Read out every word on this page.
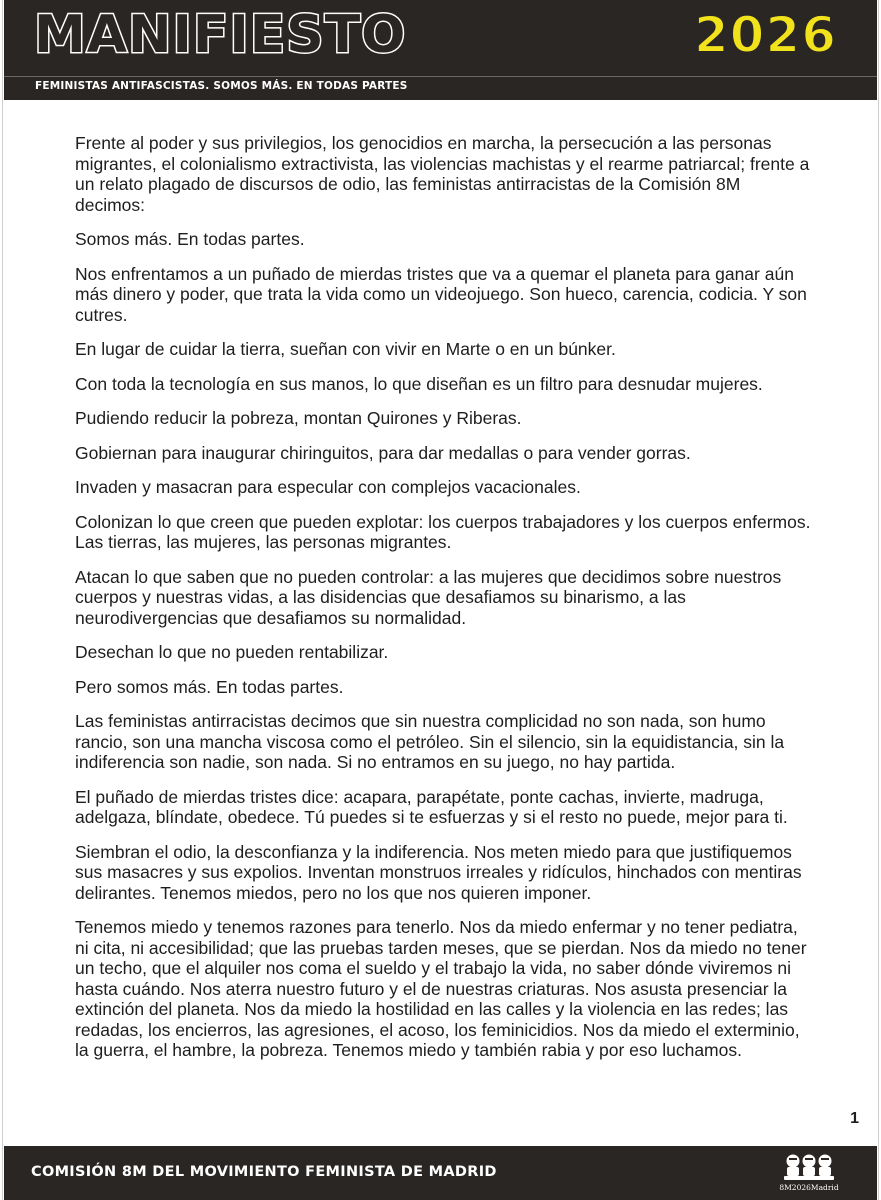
MANIFIESTO	2026
FEMINISTAS ANTIFASCISTAS. SOMOS MÁS. EN TODAS PARTES

Frente al poder y sus privilegios, los genocidios en marcha, la persecución a las personas migrantes, el colonialismo extractivista, las violencias machistas y el rearme patriarcal; frente a un relato plagado de discursos de odio, las feministas antirracistas de la Comisión 8M decimos:

Somos más. En todas partes.

Nos enfrentamos a un puñado de mierdas tristes que va a quemar el planeta para ganar aún más dinero y poder, que trata la vida como un videojuego. Son hueco, carencia, codicia. Y son cutres.

En lugar de cuidar la tierra, sueñan con vivir en Marte o en un búnker.

Con toda la tecnología en sus manos, lo que diseñan es un filtro para desnudar mujeres.

Pudiendo reducir la pobreza, montan Quirones y Riberas.

Gobiernan para inaugurar chiringuitos, para dar medallas o para vender gorras.

Invaden y masacran para especular con complejos vacacionales.

Colonizan lo que creen que pueden explotar: los cuerpos trabajadores y los cuerpos enfermos. Las tierras, las mujeres, las personas migrantes.

Atacan lo que saben que no pueden controlar: a las mujeres que decidimos sobre nuestros cuerpos y nuestras vidas, a las disidencias que desafiamos su binarismo, a las neurodivergencias que desafiamos su normalidad.

Desechan lo que no pueden rentabilizar.

Pero somos más. En todas partes.

Las feministas antirracistas decimos que sin nuestra complicidad no son nada, son humo rancio, son una mancha viscosa como el petróleo. Sin el silencio, sin la equidistancia, sin la indiferencia son nadie, son nada. Si no entramos en su juego, no hay partida.

El puñado de mierdas tristes dice: acapara, parapétate, ponte cachas, invierte, madruga, adelgaza, blíndate, obedece. Tú puedes si te esfuerzas y si el resto no puede, mejor para ti.

Siembran el odio, la desconfianza y la indiferencia. Nos meten miedo para que justifiquemos sus masacres y sus expolios. Inventan monstruos irreales y ridículos, hinchados con mentiras delirantes. Tenemos miedos, pero no los que nos quieren imponer.

Tenemos miedo y tenemos razones para tenerlo. Nos da miedo enfermar y no tener pediatra, ni cita, ni accesibilidad; que las pruebas tarden meses, que se pierdan. Nos da miedo no tener un techo, que el alquiler nos coma el sueldo y el trabajo la vida, no saber dónde viviremos ni hasta cuándo. Nos aterra nuestro futuro y el de nuestras criaturas. Nos asusta presenciar la extinción del planeta. Nos da miedo la hostilidad en las calles y la violencia en las redes; las redadas, los encierros, las agresiones, el acoso, los feminicidios. Nos da miedo el exterminio, la guerra, el hambre, la pobreza. Tenemos miedo y también rabia y por eso luchamos.

1
COMISIÓN 8M DEL MOVIMIENTO FEMINISTA DE MADRID
8M2026Madrid
